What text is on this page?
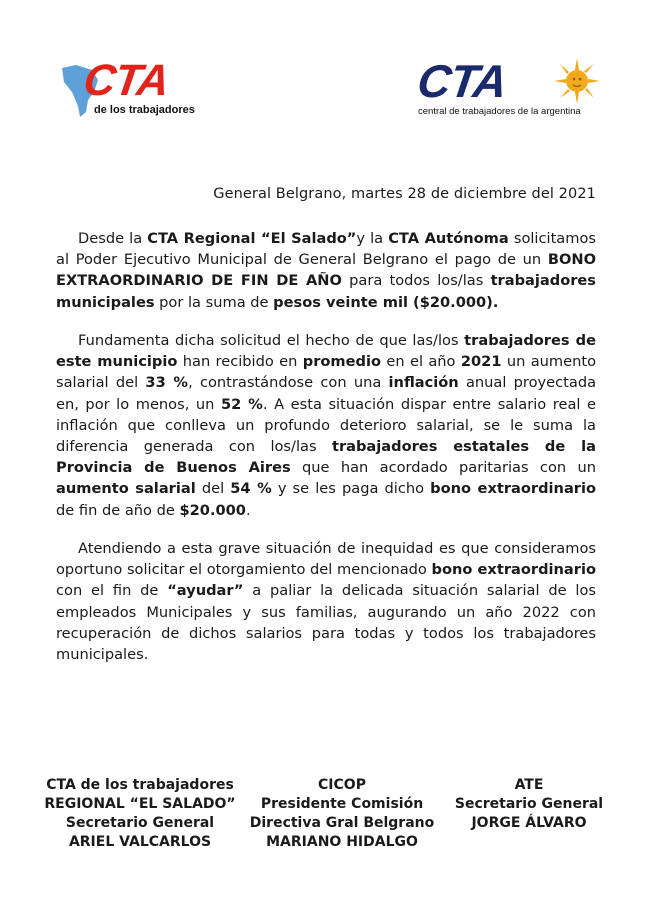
CTA
de los trabajadores
CTA
central de trabajadores de la argentina
General Belgrano, martes 28 de diciembre del 2021
Desde la CTA Regional “El Salado”y la CTA Autónoma solicitamos al Poder Ejecutivo Municipal de General Belgrano el pago de un BONO EXTRAORDINARIO DE FIN DE AÑO para todos los/las trabajadores municipales por la suma de pesos veinte mil ($20.000).
Fundamenta dicha solicitud el hecho de que las/los trabajadores de este municipio han recibido en promedio en el año 2021 un aumento salarial del 33 %, contrastándose con una inflación anual proyectada en, por lo menos, un 52 %. A esta situación dispar entre salario real e inflación que conlleva un profundo deterioro salarial, se le suma la diferencia generada con los/las trabajadores estatales de la Provincia de Buenos Aires que han acordado paritarias con un aumento salarial del 54 % y se les paga dicho bono extraordinario de fin de año de $20.000.
Atendiendo a esta grave situación de inequidad es que consideramos oportuno solicitar el otorgamiento del mencionado bono extraordinario con el fin de “ayudar” a paliar la delicada situación salarial de los empleados Municipales y sus familias, augurando un año 2022 con recuperación de dichos salarios para todas y todos los trabajadores municipales.
CTA de los trabajadores
REGIONAL “EL SALADO”
Secretario General
ARIEL VALCARLOS
CICOP
Presidente Comisión
Directiva Gral Belgrano
MARIANO HIDALGO
ATE
Secretario General
JORGE ÁLVARO
